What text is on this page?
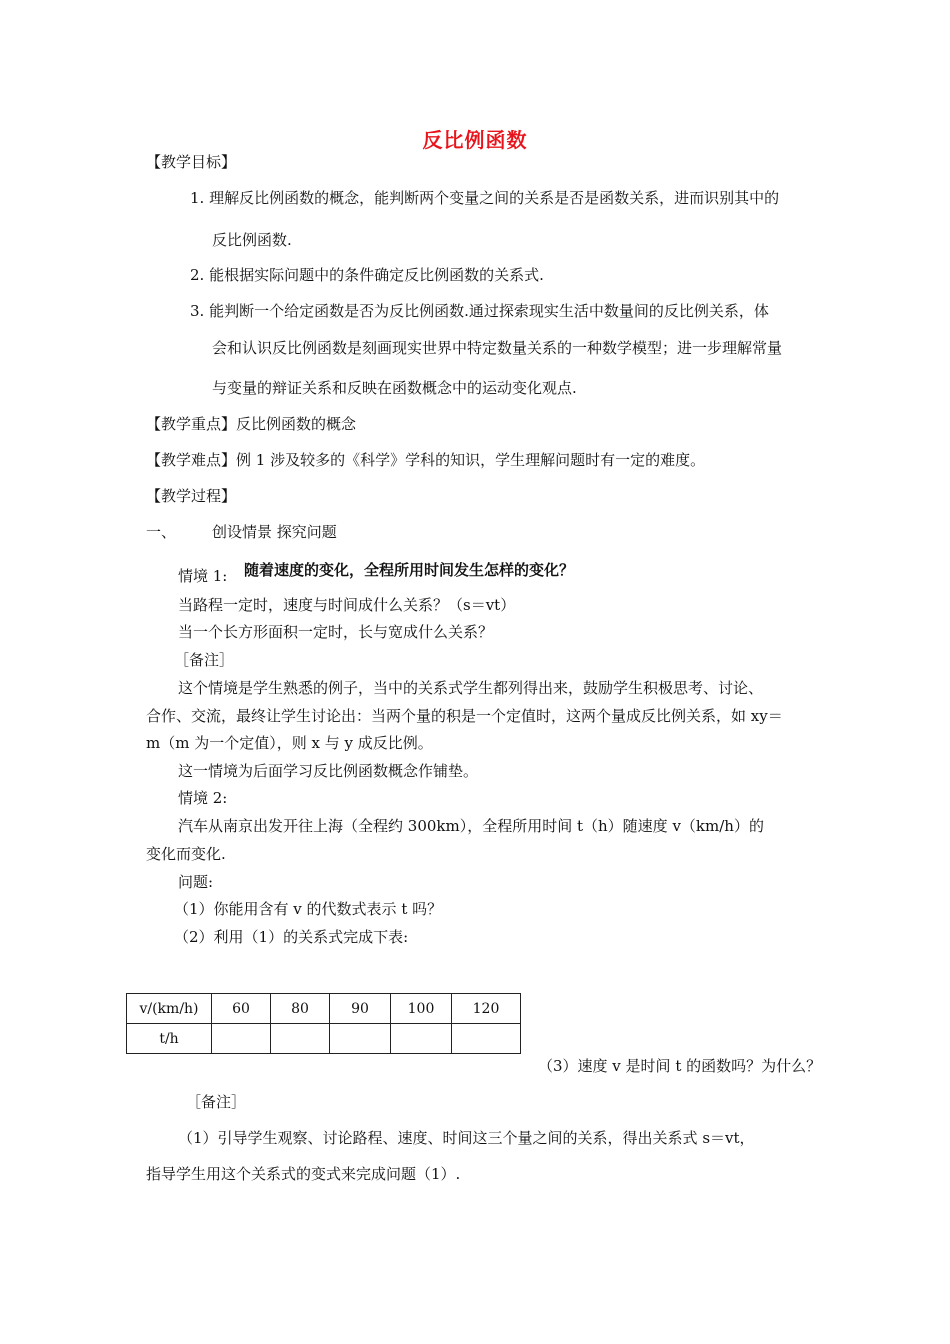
反比例函数
【教学目标】
1. 理解反比例函数的概念，能判断两个变量之间的关系是否是函数关系，进而识别其中的
反比例函数.
2. 能根据实际问题中的条件确定反比例函数的关系式.
3. 能判断一个给定函数是否为反比例函数.通过探索现实生活中数量间的反比例关系，体
会和认识反比例函数是刻画现实世界中特定数量关系的一种数学模型；进一步理解常量
与变量的辩证关系和反映在函数概念中的运动变化观点.
【教学重点】反比例函数的概念
【教学难点】例 1 涉及较多的《科学》学科的知识，学生理解问题时有一定的难度。
【教学过程】
一、 创设情景 探究问题
情境 1: 随着速度的变化，全程所用时间发生怎样的变化？
当路程一定时，速度与时间成什么关系？（s＝vt）
当一个长方形面积一定时，长与宽成什么关系？
［备注］
这个情境是学生熟悉的例子，当中的关系式学生都列得出来，鼓励学生积极思考、讨论、
合作、交流，最终让学生讨论出：当两个量的积是一个定值时，这两个量成反比例关系，如 xy＝
m（m 为一个定值），则 x 与 y 成反比例。
这一情境为后面学习反比例函数概念作铺垫。
情境 2:
汽车从南京出发开往上海（全程约 300km），全程所用时间 t（h）随速度 v（km/h）的
变化而变化.
问题:
（1）你能用含有 v 的代数式表示 t 吗？
（2）利用（1）的关系式完成下表:
v/(km/h)	60	80	90	100	120
t/h					
（3）速度 v 是时间 t 的函数吗？为什么？
［备注］
（1）引导学生观察、讨论路程、速度、时间这三个量之间的关系，得出关系式 s＝vt，
指导学生用这个关系式的变式来完成问题（1）.
